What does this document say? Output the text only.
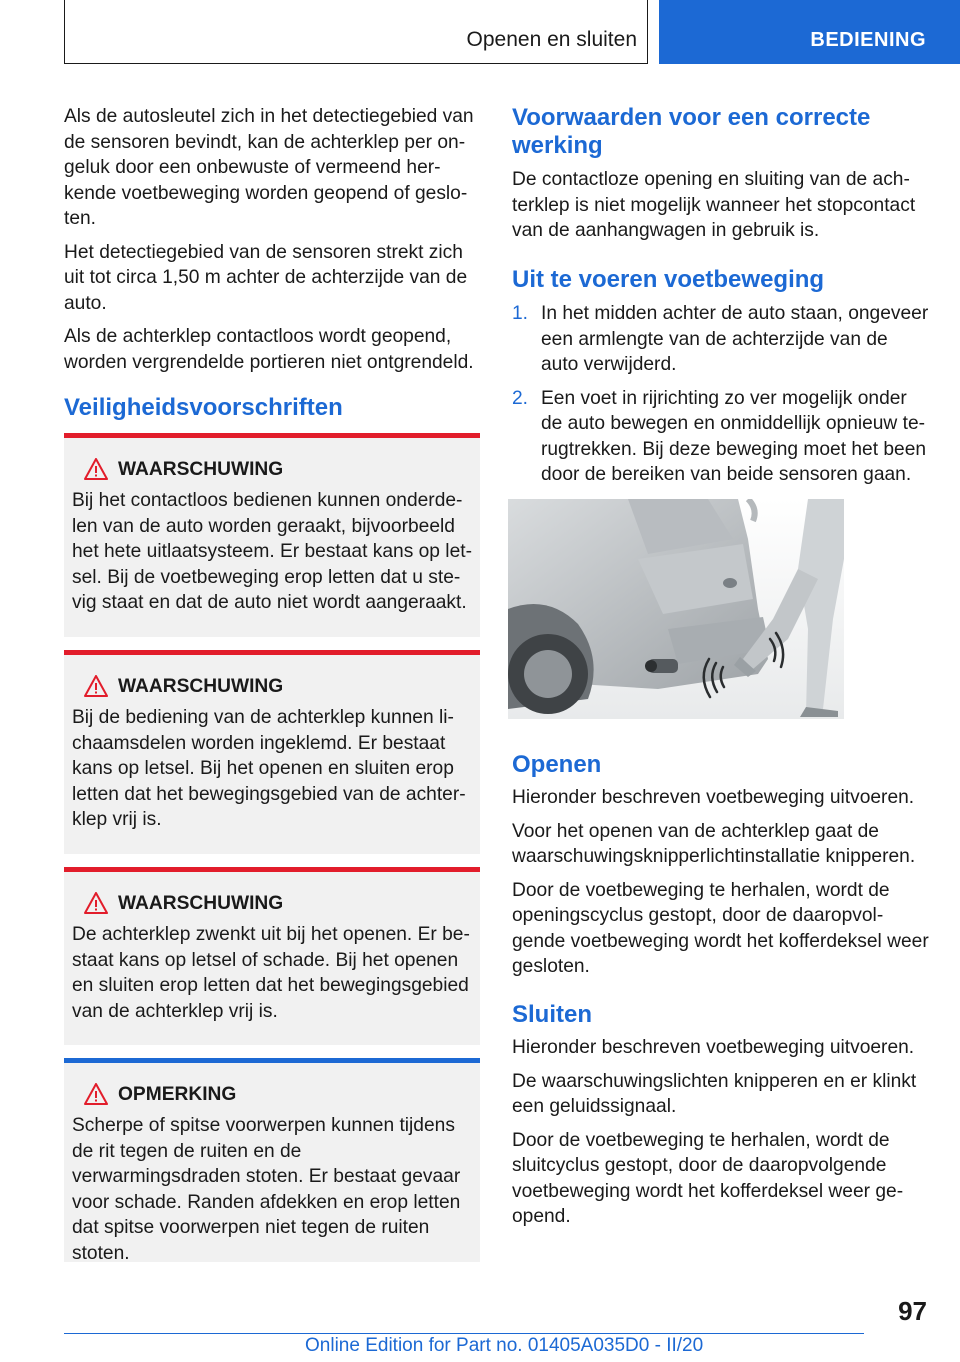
Openen en sluiten	BEDIENING

Als de autosleutel zich in het detectiegebied van de sensoren bevindt, kan de achterklep per ongeluk door een onbewuste of vermeend herkende voetbeweging worden geopend of gesloten.

Het detectiegebied van de sensoren strekt zich uit tot circa 1,50 m achter de achterzijde van de auto.

Als de achterklep contactloos wordt geopend, worden vergrendelde portieren niet ontgrendeld.

Veiligheidsvoorschriften
WAARSCHUWING
Bij het contactloos bedienen kunnen onderdelen van de auto worden geraakt, bijvoorbeeld het hete uitlaatsysteem. Er bestaat kans op letsel. Bij de voetbeweging erop letten dat u stevig staat en dat de auto niet wordt aangeraakt.
WAARSCHUWING
Bij de bediening van de achterklep kunnen lichaamsdelen worden ingeklemd. Er bestaat kans op letsel. Bij het openen en sluiten erop letten dat het bewegingsgebied van de achterklep vrij is.
WAARSCHUWING
De achterklep zwenkt uit bij het openen. Er bestaat kans op letsel of schade. Bij het openen en sluiten erop letten dat het bewegingsgebied van de achterklep vrij is.
OPMERKING
Scherpe of spitse voorwerpen kunnen tijdens de rit tegen de ruiten en de verwarmingsdraden stoten. Er bestaat gevaar voor schade. Randen afdekken en erop letten dat spitse voorwerpen niet tegen de ruiten stoten.
Voorwaarden voor een correcte werking

De contactloze opening en sluiting van de achterklep is niet mogelijk wanneer het stopcontact van de aanhangwagen in gebruik is.

Uit te voeren voetbeweging
1. In het midden achter de auto staan, ongeveer een armlengte van de achterzijde van de auto verwijderd.
2. Een voet in rijrichting zo ver mogelijk onder de auto bewegen en onmiddellijk opnieuw terugtrekken. Bij deze beweging moet het been door de bereiken van beide sensoren gaan.
Openen

Hieronder beschreven voetbeweging uitvoeren.

Voor het openen van de achterklep gaat de waarschuwingsknipperlichtinstallatie knipperen.

Door de voetbeweging te herhalen, wordt de openingscyclus gestopt, door de daaropvolgende voetbeweging wordt het kofferdeksel weer gesloten.

Sluiten

Hieronder beschreven voetbeweging uitvoeren.

De waarschuwingslichten knipperen en er klinkt een geluidssignaal.

Door de voetbeweging te herhalen, wordt de sluitcyclus gestopt, door de daaropvolgende voetbeweging wordt het kofferdeksel weer geopend.

97
Online Edition for Part no. 01405A035D0 - II/20
